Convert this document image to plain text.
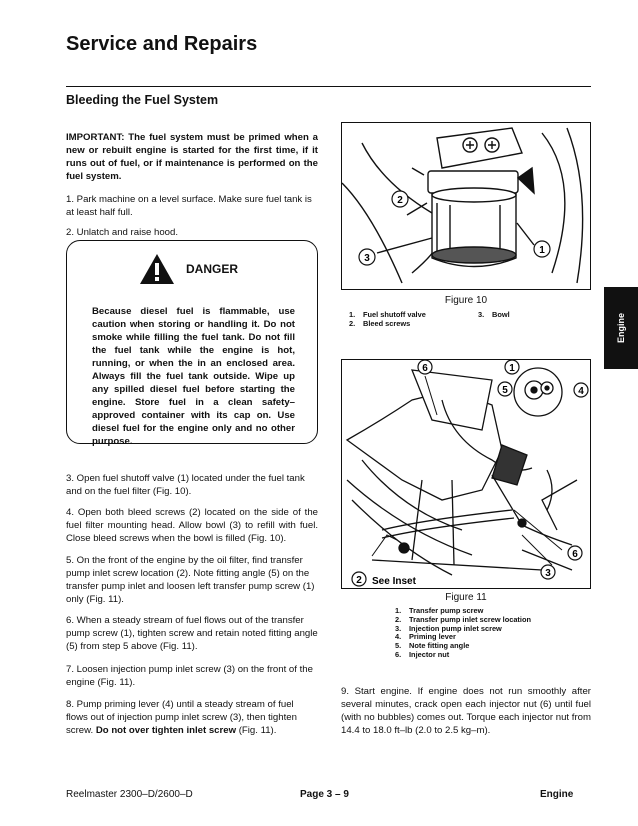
Service and Repairs
Bleeding the Fuel System

IMPORTANT: The fuel system must be primed when a new or rebuilt engine is started for the first time, if it runs out of fuel, or if maintenance is performed on the fuel system.

1. Park machine on a level surface. Make sure fuel tank is at least half full.

2. Unlatch and raise hood.

DANGER

Because diesel fuel is flammable, use caution when storing or handling it. Do not smoke while filling the fuel tank. Do not fill the fuel tank while the engine is hot, running, or when the in an enclosed area. Always fill the fuel tank outside. Wipe up any spilled diesel fuel before starting the engine. Store fuel in a clean safety–approved container with its cap on. Use diesel fuel for the engine only and no other purpose.

3. Open fuel shutoff valve (1) located under the fuel tank and on the fuel filter (Fig. 10).

4. Open both bleed screws (2) located on the side of the fuel filter mounting head. Allow bowl (3) to refill with fuel. Close bleed screws when the bowl is filled (Fig. 10).

5. On the front of the engine by the oil filter, find transfer pump inlet screw location (2). Note fitting angle (5) on the transfer pump inlet and loosen left transfer pump screw (1) only (Fig. 11).

6. When a steady stream of fuel flows out of the transfer pump screw (1), tighten screw and retain noted fitting angle (5) from step 5 above (Fig. 11).

7. Loosen injection pump inlet screw (3) on the front of the engine (Fig. 11).

8. Pump priming lever (4) until a steady stream of fuel flows out of injection pump inlet screw (3), then tighten screw. Do not over tighten inlet screw (Fig. 11).

2
3
1
Figure 10
1. Fuel shutoff valve
2. Bleed screws
3. Bowl
6	1
5	4
6
3
2 See Inset
Figure 11
1. Transfer pump screw
2. Transfer pump inlet screw location
3. Injection pump inlet screw
4. Priming lever
5. Note fitting angle
6. Injector nut

9. Start engine. If engine does not run smoothly after several minutes, crack open each injector nut (6) until fuel (with no bubbles) comes out. Torque each injector nut from 14.4 to 18.0 ft–lb (2.0 to 2.5 kg–m).

Engine
Reelmaster 2300–D/2600–D	Page 3 – 9	Engine
